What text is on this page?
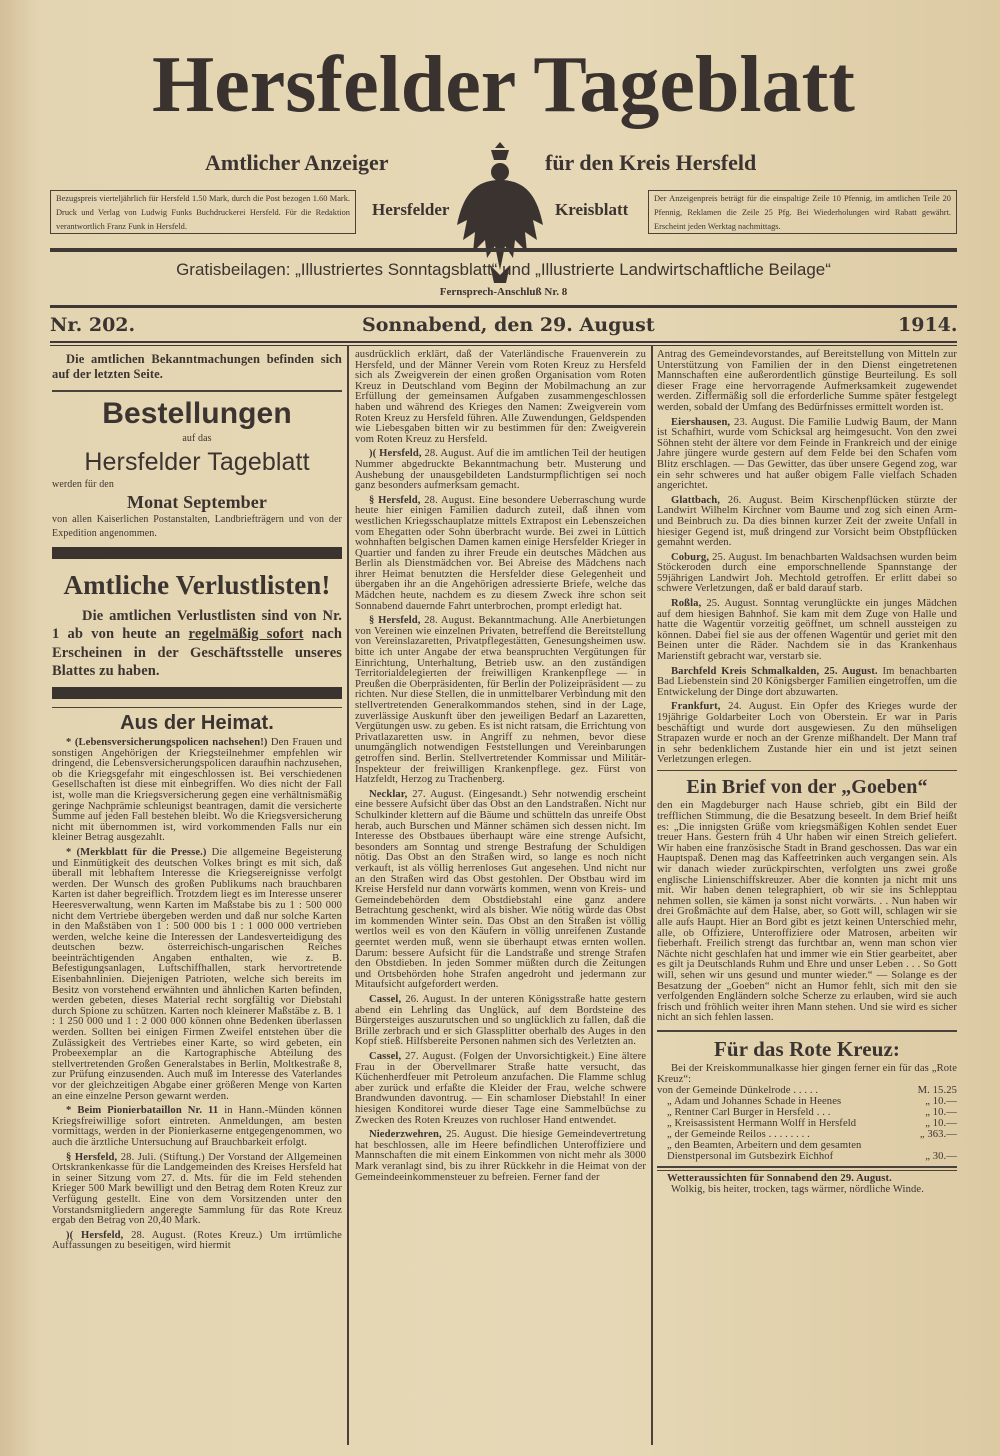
Hersfelder Tageblatt
Amtlicher Anzeiger	für den Kreis Hersfeld
Hersfelder	Kreisblatt
Bezugspreis vierteljährlich für Hersfeld 1.50 Mark, durch die Post bezogen 1.60 Mark. Druck und Verlag von Ludwig Funks Buchdruckerei Hersfeld. Für die Redaktion verantwortlich Franz Funk in Hersfeld.
Der Anzeigenpreis beträgt für die einspaltige Zeile 10 Pfennig, im amtlichen Teile 20 Pfennig, Reklamen die Zeile 25 Pfg. Bei Wiederholungen wird Rabatt gewährt. Erscheint jeden Werktag nachmittags.
Gratisbeilagen: „Illustriertes Sonntagsblatt“ und „Illustrierte Landwirtschaftliche Beilage“
Fernsprech-Anschluß Nr. 8
Nr. 202.	Sonnabend, den 29. August	1914.
Die amtlichen Bekanntmachungen befinden sich auf der letzten Seite.
Bestellungen
auf das
Hersfelder Tageblatt
werden für den
Monat September
von allen Kaiserlichen Postanstalten, Landbriefträgern und von der Expedition angenommen.
Amtliche Verlustlisten!
Die amtlichen Verlustlisten sind von Nr. 1 ab von heute an regelmäßig sofort nach Erscheinen in der Geschäftsstelle unseres Blattes zu haben.
Aus der Heimat.

* (Lebensversicherungspolicen nachsehen!) Den Frauen und sonstigen Angehörigen der Kriegsteilnehmer empfehlen wir dringend, die Lebensversicherungspolicen daraufhin nachzusehen, ob die Kriegsgefahr mit eingeschlossen ist. Bei verschiedenen Gesellschaften ist diese mit einbegriffen. Wo dies nicht der Fall ist, wolle man die Kriegsversicherung gegen eine verhältnismäßig geringe Nachprämie schleunigst beantragen, damit die versicherte Summe auf jeden Fall bestehen bleibt. Wo die Kriegsversicherung nicht mit übernommen ist, wird vorkommenden Falls nur ein kleiner Betrag ausgezahlt.

* (Merkblatt für die Presse.) Die allgemeine Begeisterung und Einmütigkeit des deutschen Volkes bringt es mit sich, daß überall mit lebhaftem Interesse die Kriegsereignisse verfolgt werden. Der Wunsch des großen Publikums nach brauchbaren Karten ist daher begreiflich. Trotzdem liegt es im Interesse unserer Heeresverwaltung, wenn Karten im Maßstabe bis zu 1 : 500 000 nicht dem Vertriebe übergeben werden und daß nur solche Karten in den Maßstäben von 1 : 500 000 bis 1 : 1 000 000 vertrieben werden, welche keine die Interessen der Landesverteidigung des deutschen bezw. österreichisch-ungarischen Reiches beeinträchtigenden Angaben enthalten, wie z. B. Befestigungsanlagen, Luftschiffhallen, stark hervortretende Eisenbahnlinien. Diejenigen Patrioten, welche sich bereits im Besitz von vorstehend erwähnten und ähnlichen Karten befinden, werden gebeten, dieses Material recht sorgfältig vor Diebstahl durch Spione zu schützen. Karten noch kleinerer Maßstäbe z. B. 1 : 1 250 000 und 1 : 2 000 000 können ohne Bedenken überlassen werden. Sollten bei einigen Firmen Zweifel entstehen über die Zulässigkeit des Vertriebes einer Karte, so wird gebeten, ein Probeexemplar an die Kartographische Abteilung des stellvertretenden Großen Generalstabes in Berlin, Moltkestraße 8, zur Prüfung einzusenden. Auch muß im Interesse des Vaterlandes vor der gleichzeitigen Abgabe einer größeren Menge von Karten an eine einzelne Person gewarnt werden.

* Beim Pionierbataillon Nr. 11 in Hann.-Münden können Kriegsfreiwillige sofort eintreten. Anmeldungen, am besten vormittags, werden in der Pionierkaserne entgegengenommen, wo auch die ärztliche Untersuchung auf Brauchbarkeit erfolgt.

§ Hersfeld, 28. Juli. (Stiftung.) Der Vorstand der Allgemeinen Ortskrankenkasse für die Landgemeinden des Kreises Hersfeld hat in seiner Sitzung vom 27. d. Mts. für die im Feld stehenden Krieger 500 Mark bewilligt und den Betrag dem Roten Kreuz zur Verfügung gestellt. Eine von dem Vorsitzenden unter den Vorstandsmitgliedern angeregte Sammlung für das Rote Kreuz ergab den Betrag von 20,40 Mark.

)( Hersfeld, 28. August. (Rotes Kreuz.) Um irrtümliche Auffassungen zu beseitigen, wird hiermit

ausdrücklich erklärt, daß der Vaterländische Frauenverein zu Hersfeld, und der Männer Verein vom Roten Kreuz zu Hersfeld sich als Zweigverein der einen großen Organisation vom Roten Kreuz in Deutschland vom Beginn der Mobilmachung an zur Erfüllung der gemeinsamen Aufgaben zusammengeschlossen haben und während des Krieges den Namen: Zweigverein vom Roten Kreuz zu Hersfeld führen. Alle Zuwendungen, Geldspenden wie Liebesgaben bitten wir zu bestimmen für den: Zweigverein vom Roten Kreuz zu Hersfeld.

)( Hersfeld, 28. August. Auf die im amtlichen Teil der heutigen Nummer abgedruckte Bekanntmachung betr. Musterung und Aushebung der unausgebildeten Landsturmpflichtigen sei noch ganz besonders aufmerksam gemacht.

§ Hersfeld, 28. August. Eine besondere Ueberraschung wurde heute hier einigen Familien dadurch zuteil, daß ihnen vom westlichen Kriegsschauplatze mittels Extrapost ein Lebenszeichen vom Ehegatten oder Sohn überbracht wurde. Bei zwei in Lüttich wohnhaften belgischen Damen kamen einige Hersfelder Krieger in Quartier und fanden zu ihrer Freude ein deutsches Mädchen aus Berlin als Dienstmädchen vor. Bei Abreise des Mädchens nach ihrer Heimat benutzten die Hersfelder diese Gelegenheit und übergaben ihr an die Angehörigen adressierte Briefe, welche das Mädchen heute, nachdem es zu diesem Zweck ihre schon seit Sonnabend dauernde Fahrt unterbrochen, prompt erledigt hat.

§ Hersfeld, 28. August. Bekanntmachung. Alle Anerbietungen von Vereinen wie einzelnen Privaten, betreffend die Bereitstellung von Vereinslazaretten, Privatpflegestätten, Genesungsheimen usw. bitte ich unter Angabe der etwa beanspruchten Vergütungen für Einrichtung, Unterhaltung, Betrieb usw. an den zuständigen Territorialdelegierten der freiwilligen Krankenpflege — in Preußen die Oberpräsidenten, für Berlin der Polizeipräsident — zu richten. Nur diese Stellen, die in unmittelbarer Verbindung mit den stellvertretenden Generalkommandos stehen, sind in der Lage, zuverlässige Auskunft über den jeweiligen Bedarf an Lazaretten, Vergütungen usw. zu geben. Es ist nicht ratsam, die Errichtung von Privatlazaretten usw. in Angriff zu nehmen, bevor diese unumgänglich notwendigen Feststellungen und Vereinbarungen getroffen sind. Berlin. Stellvertretender Kommissar und Militär-Inspekteur der freiwilligen Krankenpflege. gez. Fürst von Hatzfeldt, Herzog zu Trachenberg.

Necklar, 27. August. (Eingesandt.) Sehr notwendig erscheint eine bessere Aufsicht über das Obst an den Landstraßen. Nicht nur Schulkinder klettern auf die Bäume und schütteln das unreife Obst herab, auch Burschen und Männer schämen sich dessen nicht. Im Interesse des Obstbaues überhaupt wäre eine strenge Aufsicht, besonders am Sonntag und strenge Bestrafung der Schuldigen nötig. Das Obst an den Straßen wird, so lange es noch nicht verkauft, ist als völlig herrenloses Gut angesehen. Und nicht nur an den Straßen wird das Obst gestohlen. Der Obstbau wird im Kreise Hersfeld nur dann vorwärts kommen, wenn von Kreis- und Gemeindebehörden dem Obstdiebstahl eine ganz andere Betrachtung geschenkt, wird als bisher. Wie nötig würde das Obst im kommenden Winter sein. Das Obst an den Straßen ist völlig wertlos weil es von den Käufern in völlig unreifenen Zustande geerntet werden muß, wenn sie überhaupt etwas ernten wollen. Darum: bessere Aufsicht für die Landstraße und strenge Strafen den Obstdieben. In jeden Sommer müßten durch die Zeitungen und Ortsbehörden hohe Strafen angedroht und jedermann zur Mitaufsicht aufgefordert werden.

Cassel, 26. August. In der unteren Königsstraße hatte gestern abend ein Lehrling das Unglück, auf dem Bordsteine des Bürgersteiges auszurutschen und so unglücklich zu fallen, daß die Brille zerbrach und er sich Glassplitter oberhalb des Auges in den Kopf stieß. Hilfsbereite Personen nahmen sich des Verletzten an.

Cassel, 27. August. (Folgen der Unvorsichtigkeit.) Eine ältere Frau in der Obervellmarer Straße hatte versucht, das Küchenherdfeuer mit Petroleum anzufachen. Die Flamme schlug aber zurück und erfaßte die Kleider der Frau, welche schwere Brandwunden davontrug. — Ein schamloser Diebstahl! In einer hiesigen Konditorei wurde dieser Tage eine Sammelbüchse zu Zwecken des Roten Kreuzes von ruchloser Hand entwendet.

Niederzwehren, 25. August. Die hiesige Gemeindevertretung hat beschlossen, alle im Heere befindlichen Unteroffiziere und Mannschaften die mit einem Einkommen von nicht mehr als 3000 Mark veranlagt sind, bis zu ihrer Rückkehr in die Heimat von der Gemeindeeinkommensteuer zu befreien. Ferner fand der

Antrag des Gemeindevorstandes, auf Bereitstellung von Mitteln zur Unterstützung von Familien der in den Dienst eingetretenen Mannschaften eine außerordentlich günstige Beurteilung. Es soll dieser Frage eine hervorragende Aufmerksamkeit zugewendet werden. Ziffermäßig soll die erforderliche Summe später festgelegt werden, sobald der Umfang des Bedürfnisses ermittelt worden ist.

Eiershausen, 23. August. Die Familie Ludwig Baum, der Mann ist Schafhirt, wurde vom Schicksal arg heimgesucht. Von den zwei Söhnen steht der ältere vor dem Feinde in Frankreich und der einige Jahre jüngere wurde gestern auf dem Felde bei den Schafen vom Blitz erschlagen. — Das Gewitter, das über unsere Gegend zog, war ein sehr schweres und hat außer obigem Falle vielfach Schaden angerichtet.

Glattbach, 26. August. Beim Kirschenpflücken stürzte der Landwirt Wilhelm Kirchner vom Baume und zog sich einen Arm- und Beinbruch zu. Da dies binnen kurzer Zeit der zweite Unfall in hiesiger Gegend ist, muß dringend zur Vorsicht beim Obstpflücken gemahnt werden.

Coburg, 25. August. Im benachbarten Waldsachsen wurden beim Stöckeroden durch eine emporschnellende Spannstange der 59jährigen Landwirt Joh. Mechtold getroffen. Er erlitt dabei so schwere Verletzungen, daß er bald darauf starb.

Roßla, 25. August. Sonntag verunglückte ein junges Mädchen auf dem hiesigen Bahnhof. Sie kam mit dem Zuge von Halle und hatte die Wagentür vorzeitig geöffnet, um schnell aussteigen zu können. Dabei fiel sie aus der offenen Wagentür und geriet mit den Beinen unter die Räder. Nachdem sie in das Krankenhaus Marienstift gebracht war, verstarb sie.

Barchfeld Kreis Schmalkalden, 25. August. Im benachbarten Bad Liebenstein sind 20 Königsberger Familien eingetroffen, um die Entwickelung der Dinge dort abzuwarten.

Frankfurt, 24. August. Ein Opfer des Krieges wurde der 19jährige Goldarbeiter Loch von Oberstein. Er war in Paris beschäftigt und wurde dort ausgewiesen. Zu den mühseligen Strapazen wurde er noch an der Grenze mißhandelt. Der Mann traf in sehr bedenklichem Zustande hier ein und ist jetzt seinen Verletzungen erlegen.

Ein Brief von der „Goeben“

den ein Magdeburger nach Hause schrieb, gibt ein Bild der trefflichen Stimmung, die die Besatzung beseelt. In dem Brief heißt es: „Die innigsten Grüße vom kriegsmäßigen Kohlen sendet Euer treuer Hans. Gestern früh 4 Uhr haben wir einen Streich geliefert. Wir haben eine französische Stadt in Brand geschossen. Das war ein Hauptspaß. Denen mag das Kaffeetrinken auch vergangen sein. Als wir danach wieder zurückpirschten, verfolgten uns zwei große englische Linienschiffskreuzer. Aber die konnten ja nicht mit uns mit. Wir haben denen telegraphiert, ob wir sie ins Schlepptau nehmen sollen, sie kämen ja sonst nicht vorwärts. . . Nun haben wir drei Großmächte auf dem Halse, aber, so Gott will, schlagen wir sie alle aufs Haupt. Hier an Bord gibt es jetzt keinen Unterschied mehr, alle, ob Offiziere, Unteroffiziere oder Matrosen, arbeiten wir fieberhaft. Freilich strengt das furchtbar an, wenn man schon vier Nächte nicht geschlafen hat und immer wie ein Stier gearbeitet, aber es gilt ja Deutschlands Ruhm und Ehre und unser Leben . . . So Gott will, sehen wir uns gesund und munter wieder.“ — Solange es der Besatzung der „Goeben“ nicht an Humor fehlt, sich mit den sie verfolgenden Engländern solche Scherze zu erlauben, wird sie auch frisch und fröhlich weiter ihren Mann stehen. Und sie wird es sicher nicht an sich fehlen lassen.

Für das Rote Kreuz:

Bei der Kreiskommunalkasse hier gingen ferner ein für das „Rote Kreuz“:

von der Gemeinde Dünkelrode . . . . .	M. 15.25
„ Adam und Johannes Schade in Heenes	„ 10.—
„ Rentner Carl Burger in Hersfeld . . .	„ 10.—
„ Kreisassistent Hermann Wolff in Hersfeld	„ 10.—
„ der Gemeinde Reilos . . . . . . . .	„ 363.—
„ den Beamten, Arbeitern und dem gesamten Dienstpersonal im Gutsbezirk Eichhof	„ 30.—
Wetteraussichten für Sonnabend den 29. August.

Wolkig, bis heiter, trocken, tags wärmer, nördliche Winde.
